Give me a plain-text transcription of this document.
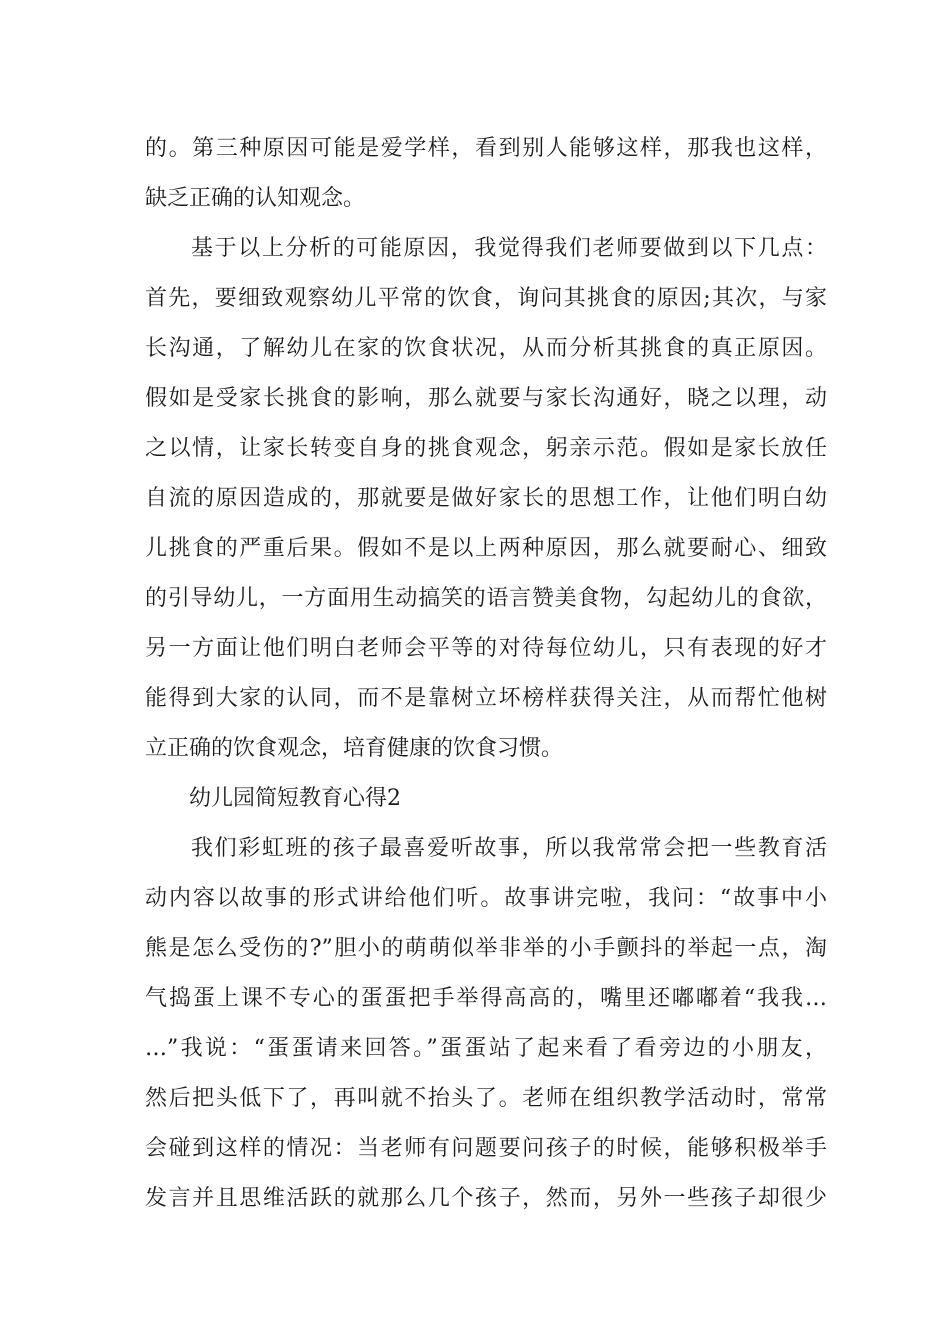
的。第三种原因可能是爱学样，看到别人能够这样，那我也这样，
缺乏正确的认知观念。
基于以上分析的可能原因，我觉得我们老师要做到以下几点：
首先，要细致观察幼儿平常的饮食，询问其挑食的原因;其次，与家
长沟通，了解幼儿在家的饮食状况，从而分析其挑食的真正原因。
假如是受家长挑食的影响，那么就要与家长沟通好，晓之以理，动
之以情，让家长转变自身的挑食观念，躬亲示范。假如是家长放任
自流的原因造成的，那就要是做好家长的思想工作，让他们明白幼
儿挑食的严重后果。假如不是以上两种原因，那么就要耐心、细致
的引导幼儿，一方面用生动搞笑的语言赞美食物，勾起幼儿的食欲，
另一方面让他们明白老师会平等的对待每位幼儿，只有表现的好才
能得到大家的认同，而不是靠树立坏榜样获得关注，从而帮忙他树
立正确的饮食观念，培育健康的饮食习惯。
幼儿园简短教育心得2
我们彩虹班的孩子最喜爱听故事，所以我常常会把一些教育活
动内容以故事的形式讲给他们听。故事讲完啦，我问：“故事中小
熊是怎么受伤的?”胆小的萌萌似举非举的小手颤抖的举起一点，淘
气捣蛋上课不专心的蛋蛋把手举得高高的，嘴里还嘟嘟着“我我…
…”我说：“蛋蛋请来回答。”蛋蛋站了起来看了看旁边的小朋友，
然后把头低下了，再叫就不抬头了。老师在组织教学活动时，常常
会碰到这样的情况：当老师有问题要问孩子的时候，能够积极举手
发言并且思维活跃的就那么几个孩子，然而，另外一些孩子却很少
